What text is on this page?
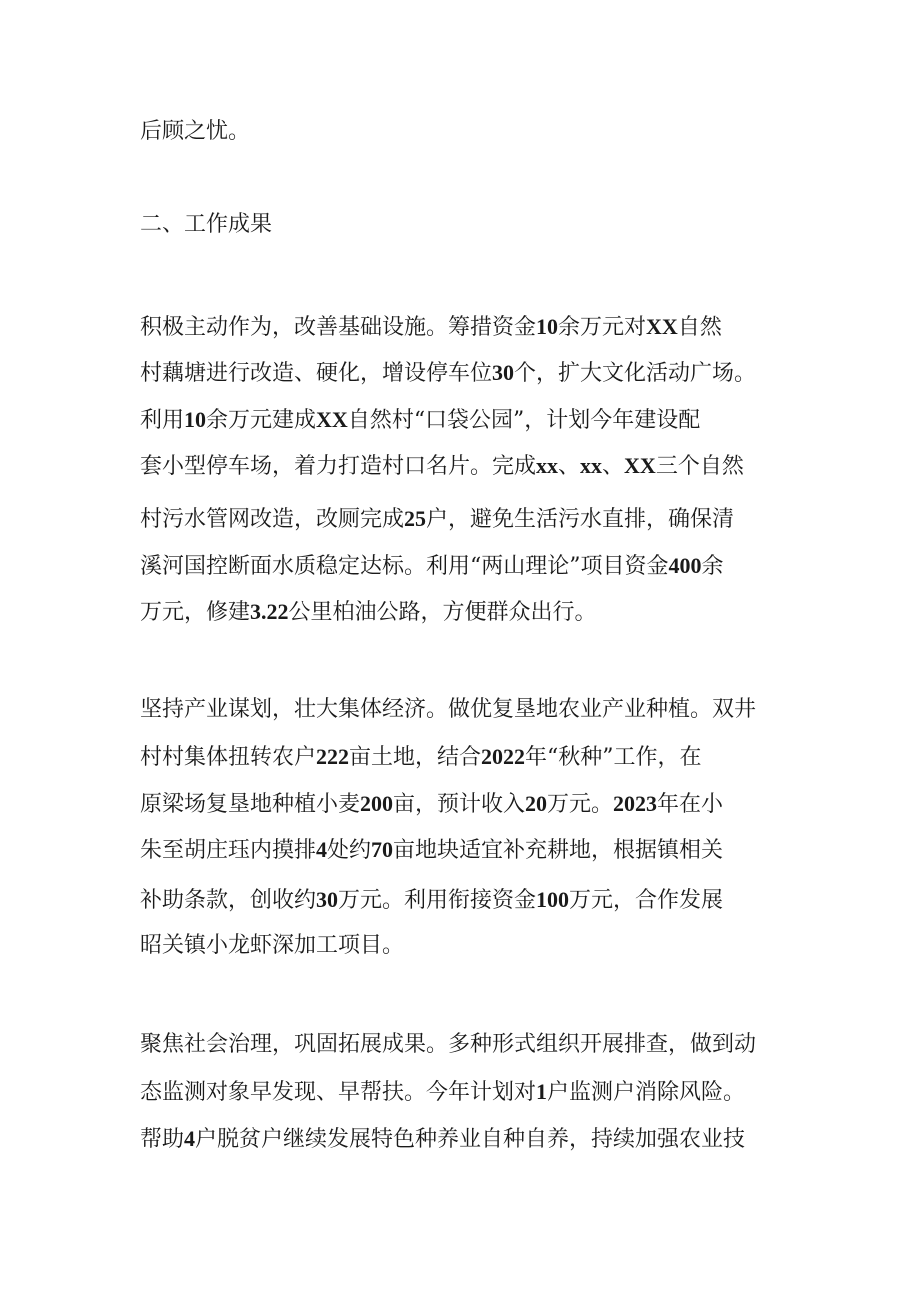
后顾之忧。

二、工作成果

积极主动作为，改善基础设施。筹措资金10余万元对XX自然

村藕塘进行改造、硬化，增设停车位30个，扩大文化活动广场。

利用10余万元建成XX自然村“口袋公园”，计划今年建设配

套小型停车场，着力打造村口名片。完成xx、xx、XX三个自然

村污水管网改造，改厕完成25户，避免生活污水直排，确保清

溪河国控断面水质稳定达标。利用“两山理论”项目资金400余

万元，修建3.22公里柏油公路，方便群众出行。

坚持产业谋划，壮大集体经济。做优复垦地农业产业种植。双井

村村集体扭转农户222亩土地，结合2022年“秋种”工作，在

原梁场复垦地种植小麦200亩，预计收入20万元。2023年在小

朱至胡庄珏内摸排4处约70亩地块适宜补充耕地，根据镇相关

补助条款，创收约30万元。利用衔接资金100万元，合作发展

昭关镇小龙虾深加工项目。

聚焦社会治理，巩固拓展成果。多种形式组织开展排查，做到动

态监测对象早发现、早帮扶。今年计划对1户监测户消除风险。

帮助4户脱贫户继续发展特色种养业自种自养，持续加强农业技
